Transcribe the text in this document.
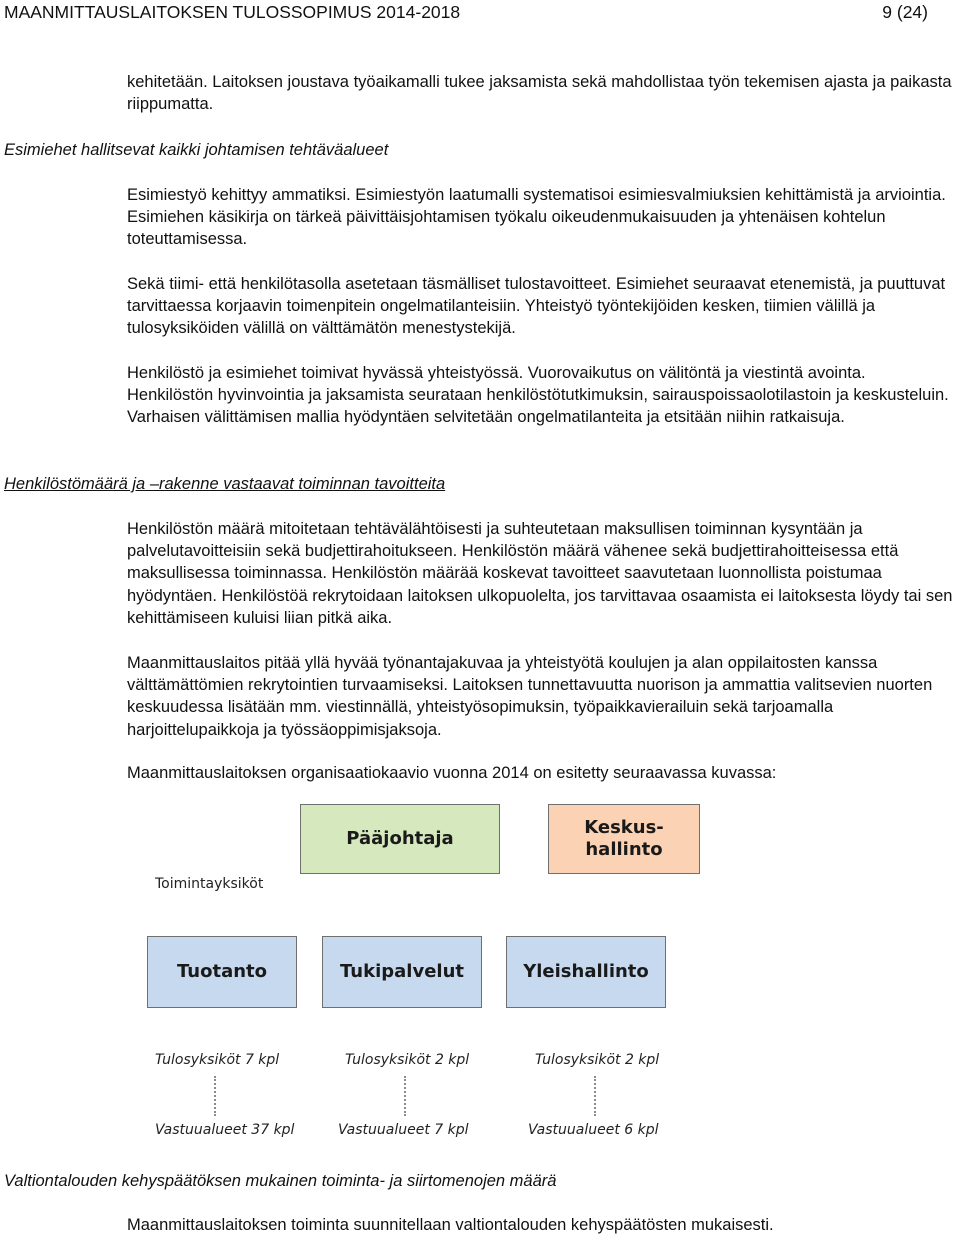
MAANMITTAUSLAITOKSEN TULOSSOPIMUS 2014-2018	9 (24)

kehitetään. Laitoksen joustava työaikamalli tukee jaksamista sekä mahdollistaa työn tekemisen ajasta ja paikasta riippumatta.

Esimiehet hallitsevat kaikki johtamisen tehtäväalueet

Esimiestyö kehittyy ammatiksi. Esimiestyön laatumalli systematisoi esimiesvalmiuksien kehittämistä ja arviointia. Esimiehen käsikirja on tärkeä päivittäisjohtamisen työkalu oikeudenmukaisuuden ja yhtenäisen kohtelun toteuttamisessa.

Sekä tiimi- että henkilötasolla asetetaan täsmälliset tulostavoitteet. Esimiehet seuraavat etenemistä, ja puuttuvat tarvittaessa korjaavin toimenpitein ongelmatilanteisiin. Yhteistyö työntekijöiden kesken, tiimien välillä ja tulosyksiköiden välillä on välttämätön menestystekijä.

Henkilöstö ja esimiehet toimivat hyvässä yhteistyössä. Vuorovaikutus on välitöntä ja viestintä avointa. Henkilöstön hyvinvointia ja jaksamista seurataan henkilöstötutkimuksin, sairauspoissaolotilastoin ja keskusteluin. Varhaisen välittämisen mallia hyödyntäen selvitetään ongelmatilanteita ja etsitään niihin ratkaisuja.

Henkilöstömäärä ja –rakenne vastaavat toiminnan tavoitteita

Henkilöstön määrä mitoitetaan tehtävälähtöisesti ja suhteutetaan maksullisen toiminnan kysyntään ja palvelutavoitteisiin sekä budjettirahoitukseen. Henkilöstön määrä vähenee sekä budjettirahoitteisessa että maksullisessa toiminnassa. Henkilöstön määrää koskevat tavoitteet saavutetaan luonnollista poistumaa hyödyntäen. Henkilöstöä rekrytoidaan laitoksen ulkopuolelta, jos tarvittavaa osaamista ei laitoksesta löydy tai sen kehittämiseen kuluisi liian pitkä aika.

Maanmittauslaitos pitää yllä hyvää työnantajakuvaa ja yhteistyötä koulujen ja alan oppilaitosten kanssa välttämättömien rekrytointien turvaamiseksi. Laitoksen tunnettavuutta nuorison ja ammattia valitsevien nuorten keskuudessa lisätään mm. viestinnällä, yhteistyösopimuksin, työpaikkavierailuin sekä tarjoamalla harjoittelupaikkoja ja työssäoppimisjaksoja.

Maanmittauslaitoksen organisaatiokaavio vuonna 2014 on esitetty seuraavassa kuvassa:

Pääjohtaja
Keskus-
hallinto
Toimintayksiköt
Tuotanto	Tukipalvelut	Yleishallinto
Tulosyksiköt 7 kpl	Tulosyksiköt 2 kpl	Tulosyksiköt 2 kpl
Vastuualueet 37 kpl	Vastuualueet 7 kpl	Vastuualueet 6 kpl

Valtiontalouden kehyspäätöksen mukainen toiminta- ja siirtomenojen määrä

Maanmittauslaitoksen toiminta suunnitellaan valtiontalouden kehyspäätösten mukaisesti.
